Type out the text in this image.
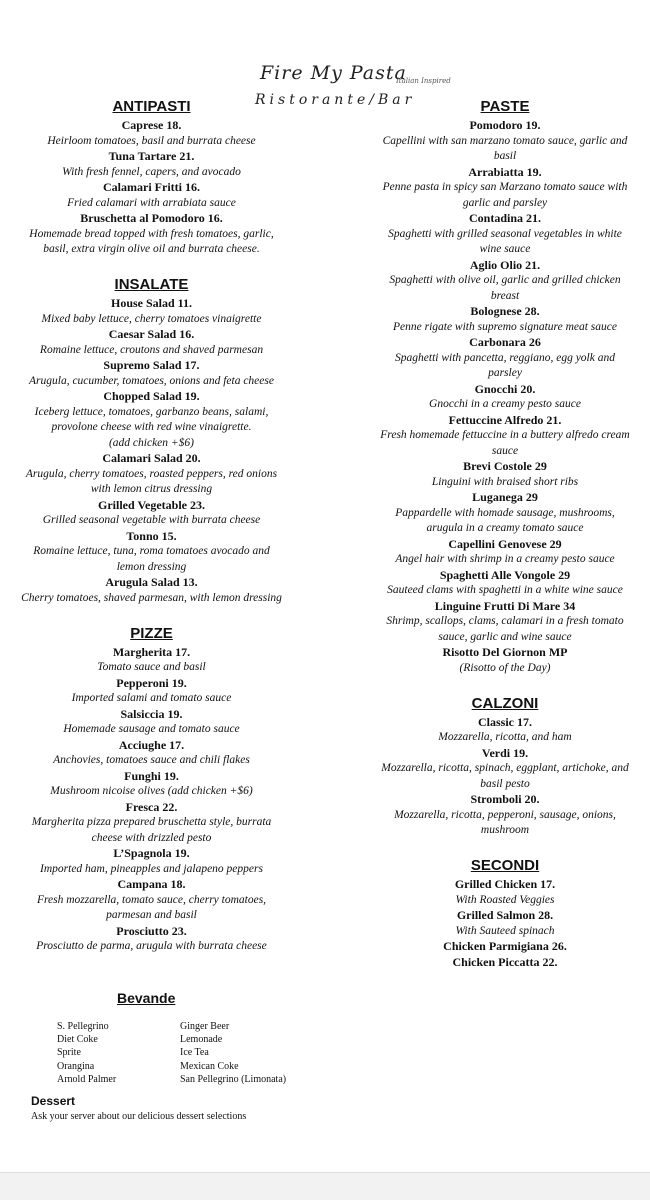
Fire My Pasta
Italian Inspired
Ristorante/Bar
ANTIPASTI
Caprese 18.
Heirloom tomatoes, basil and burrata cheese
Tuna Tartare 21.
With fresh fennel, capers, and avocado
Calamari Fritti 16.
Fried calamari with arrabiata sauce
Bruschetta al Pomodoro 16.
Homemade bread topped with fresh tomatoes, garlic,
basil, extra virgin olive oil and burrata cheese.
INSALATE
House Salad 11.
Mixed baby lettuce, cherry tomatoes vinaigrette
Caesar Salad 16.
Romaine lettuce, croutons and shaved parmesan
Supremo Salad 17.
Arugula, cucumber, tomatoes, onions and feta cheese
Chopped Salad 19.
Iceberg lettuce, tomatoes, garbanzo beans, salami,
provolone cheese with red wine vinaigrette.
(add chicken +$6)
Calamari Salad 20.
Arugula, cherry tomatoes, roasted peppers, red onions
with lemon citrus dressing
Grilled Vegetable 23.
Grilled seasonal vegetable with burrata cheese
Tonno 15.
Romaine lettuce, tuna, roma tomatoes avocado and
lemon dressing
Arugula Salad 13.
Cherry tomatoes, shaved parmesan, with lemon dressing
PIZZE
Margherita 17.
Tomato sauce and basil
Pepperoni 19.
Imported salami and tomato sauce
Salsiccia 19.
Homemade sausage and tomato sauce
Acciughe 17.
Anchovies, tomatoes sauce and chili flakes
Funghi 19.
Mushroom nicoise olives (add chicken +$6)
Fresca 22.
Margherita pizza prepared bruschetta style, burrata
cheese with drizzled pesto
L’Spagnola 19.
Imported ham, pineapples and jalapeno peppers
Campana 18.
Fresh mozzarella, tomato sauce, cherry tomatoes,
parmesan and basil
Prosciutto 23.
Prosciutto de parma, arugula with burrata cheese
PASTE
Pomodoro 19.
Capellini with san marzano tomato sauce, garlic and
basil
Arrabiatta 19.
Penne pasta in spicy san Marzano tomato sauce with
garlic and parsley
Contadina 21.
Spaghetti with grilled seasonal vegetables in white
wine sauce
Aglio Olio 21.
Spaghetti with olive oil, garlic and grilled chicken
breast
Bolognese 28.
Penne rigate with supremo signature meat sauce
Carbonara 26
Spaghetti with pancetta, reggiano, egg yolk and
parsley
Gnocchi 20.
Gnocchi in a creamy pesto sauce
Fettuccine Alfredo 21.
Fresh homemade fettuccine in a buttery alfredo cream
sauce
Brevi Costole 29
Linguini with braised short ribs
Luganega 29
Pappardelle with homade sausage, mushrooms,
arugula in a creamy tomato sauce
Capellini Genovese 29
Angel hair with shrimp in a creamy pesto sauce
Spaghetti Alle Vongole 29
Sauteed clams with spaghetti in a white wine sauce
Linguine Frutti Di Mare 34
Shrimp, scallops, clams, calamari in a fresh tomato
sauce, garlic and wine sauce
Risotto Del Giornon MP
(Risotto of the Day)
CALZONI
Classic 17.
Mozzarella, ricotta, and ham
Verdi 19.
Mozzarella, ricotta, spinach, eggplant, artichoke, and
basil pesto
Stromboli 20.
Mozzarella, ricotta, pepperoni, sausage, onions,
mushroom
SECONDI
Grilled Chicken 17.
With Roasted Veggies
Grilled Salmon 28.
With Sauteed spinach
Chicken Parmigiana 26.
Chicken Piccatta 22.
Bevande
S. Pellegrino
Diet Coke
Sprite
Orangina
Arnold Palmer
Ginger Beer
Lemonade
Ice Tea
Mexican Coke
San Pellegrino (Limonata)
Dessert
Ask your server about our delicious dessert selections
